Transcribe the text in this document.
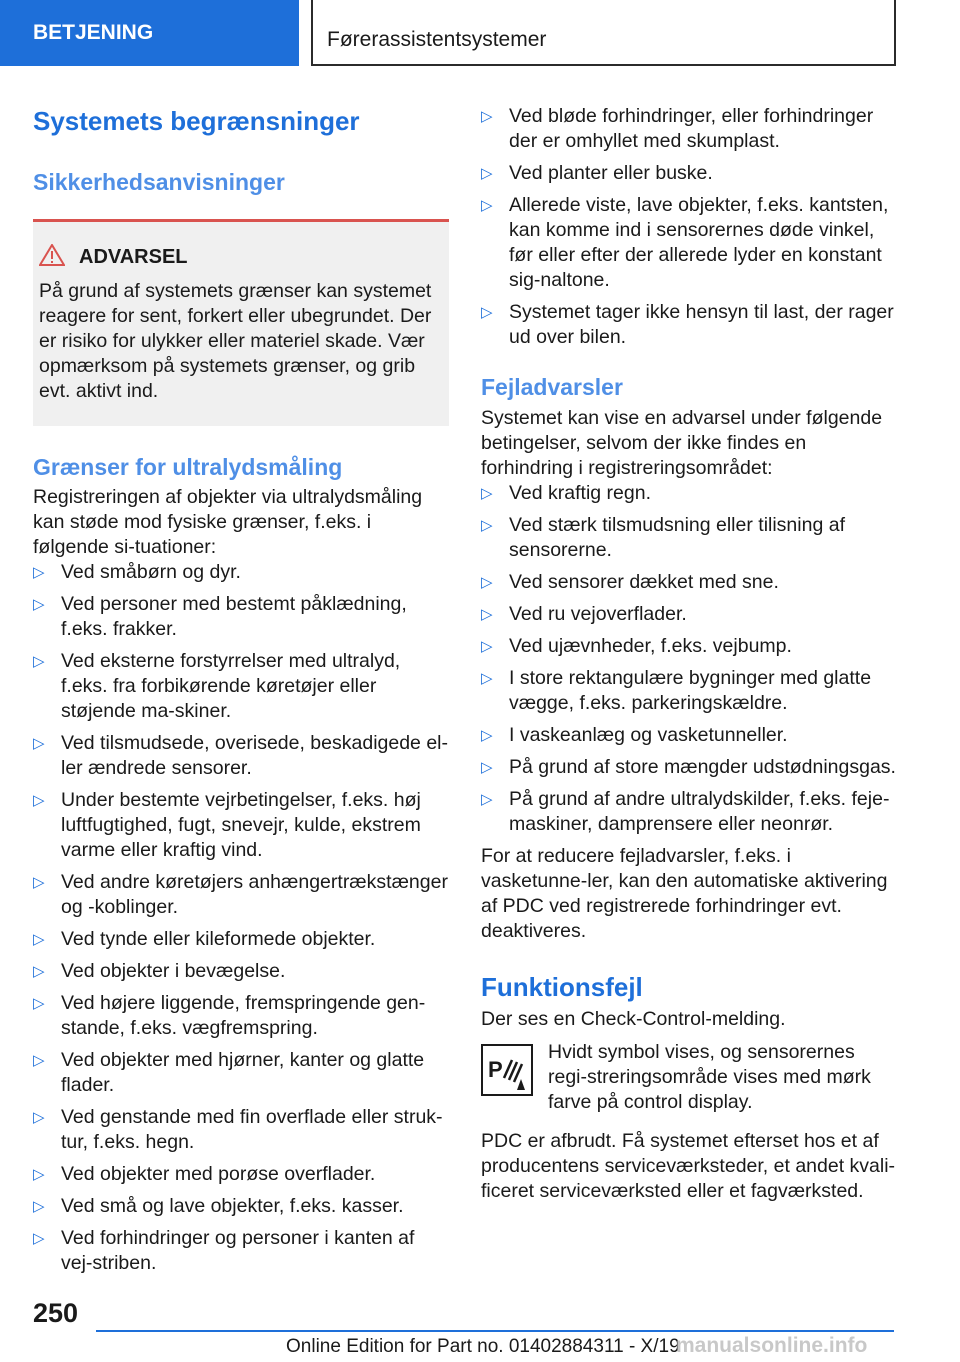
BETJENING	Førerassistentsystemer
Systemets begrænsninger
Sikkerhedsanvisninger
ADVARSEL

På grund af systemets grænser kan systemet reagere for sent, forkert eller ubegrundet. Der er risiko for ulykker eller materiel skade. Vær opmærksom på systemets grænser, og grib evt. aktivt ind.

Grænser for ultralydsmåling

Registreringen af objekter via ultralydsmåling kan støde mod fysiske grænser, f.eks. i følgende si-tuationer:

▷ Ved småbørn og dyr.
▷ Ved personer med bestemt påklædning, f.eks. frakker.
▷ Ved eksterne forstyrrelser med ultralyd, f.eks. fra forbikørende køretøjer eller støjende ma-skiner.
▷ Ved tilsmudsede, overisede, beskadigede el-ler ændrede sensorer.
▷ Under bestemte vejrbetingelser, f.eks. høj luftfugtighed, fugt, snevejr, kulde, ekstrem varme eller kraftig vind.
▷ Ved andre køretøjers anhængertrækstænger og -koblinger.
▷ Ved tynde eller kileformede objekter.
▷ Ved objekter i bevægelse.
▷ Ved højere liggende, fremspringende gen-stande, f.eks. vægfremspring.
▷ Ved objekter med hjørner, kanter og glatte flader.
▷ Ved genstande med fin overflade eller struk-tur, f.eks. hegn.
▷ Ved objekter med porøse overflader.
▷ Ved små og lave objekter, f.eks. kasser.
▷ Ved forhindringer og personer i kanten af vej-striben.
▷ Ved bløde forhindringer, eller forhindringer der er omhyllet med skumplast.
▷ Ved planter eller buske.
▷ Allerede viste, lave objekter, f.eks. kantsten, kan komme ind i sensorernes døde vinkel, før eller efter der allerede lyder en konstant sig-naltone.
▷ Systemet tager ikke hensyn til last, der rager ud over bilen.
Fejladvarsler

Systemet kan vise en advarsel under følgende betingelser, selvom der ikke findes en forhindring i registreringsområdet:

▷ Ved kraftig regn.
▷ Ved stærk tilsmudsning eller tilisning af sensorerne.
▷ Ved sensorer dækket med sne.
▷ Ved ru vejoverflader.
▷ Ved ujævnheder, f.eks. vejbump.
▷ I store rektangulære bygninger med glatte vægge, f.eks. parkeringskældre.
▷ I vaskeanlæg og vasketunneller.
▷ På grund af store mængder udstødningsgas.
▷ På grund af andre ultralydskilder, f.eks. feje-maskiner, damprensere eller neonrør.

For at reducere fejladvarsler, f.eks. i vasketunne-ler, kan den automatiske aktivering af PDC ved registrerede forhindringer evt. deaktiveres.

Funktionsfejl

Der ses en Check-Control-melding.

P

Hvidt symbol vises, og sensorernes regi-streringsområde vises med mørk farve på control display.

PDC er afbrudt. Få systemet efterset hos et af producentens serviceværksteder, et andet kvali-ficeret serviceværksted eller et fagværksted.

250
Online Edition for Part no. 01402884311 - X/19
manualsonline.info
